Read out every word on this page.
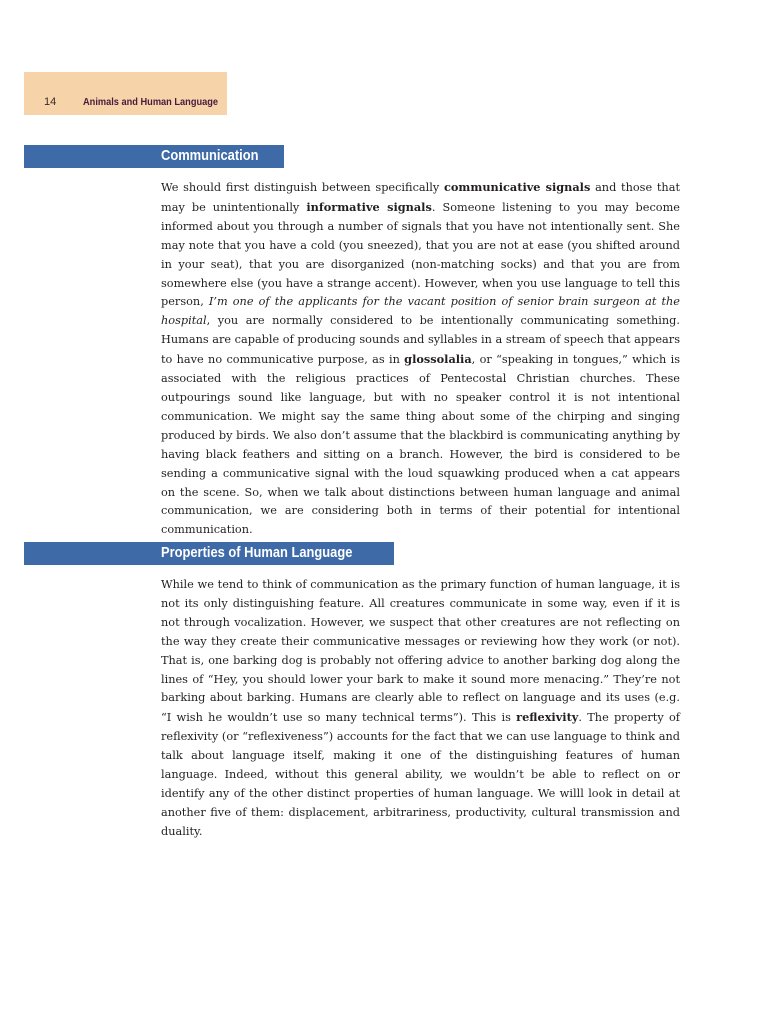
14	Animals and Human Language
Communication

We should first distinguish between specifically communicative signals and those that may be unintentionally informative signals. Someone listening to you may become informed about you through a number of signals that you have not intentionally sent. She may note that you have a cold (you sneezed), that you are not at ease (you shifted around in your seat), that you are disorganized (non-matching socks) and that you are from somewhere else (you have a strange accent). However, when you use language to tell this person, I’m one of the applicants for the vacant position of senior brain surgeon at the hospital, you are normally considered to be intentionally communicating something. Humans are capable of producing sounds and syllables in a stream of speech that appears to have no communicative purpose, as in glossolalia, or “speaking in tongues,” which is associated with the religious practices of Pentecostal Christian churches. These outpourings sound like language, but with no speaker control it is not intentional communication. We might say the same thing about some of the chirping and singing produced by birds. We also don’t assume that the blackbird is communicating anything by having black feathers and sitting on a branch. However, the bird is considered to be sending a communicative signal with the loud squawking produced when a cat appears on the scene. So, when we talk about distinctions between human language and animal communication, we are considering both in terms of their potential for intentional communication.

Properties of Human Language

While we tend to think of communication as the primary function of human language, it is not its only distinguishing feature. All creatures communicate in some way, even if it is not through vocalization. However, we suspect that other creatures are not reflecting on the way they create their communicative messages or reviewing how they work (or not). That is, one barking dog is probably not offering advice to another barking dog along the lines of “Hey, you should lower your bark to make it sound more menacing.” They’re not barking about barking. Humans are clearly able to reflect on language and its uses (e.g. “I wish he wouldn’t use so many technical terms”). This is reflexivity. The property of reflexivity (or “reflexiveness”) accounts for the fact that we can use language to think and talk about language itself, making it one of the distinguishing features of human language. Indeed, without this general ability, we wouldn’t be able to reflect on or identify any of the other distinct properties of human language. We willl look in detail at another five of them: displacement, arbitrariness, productivity, cultural transmission and duality.
